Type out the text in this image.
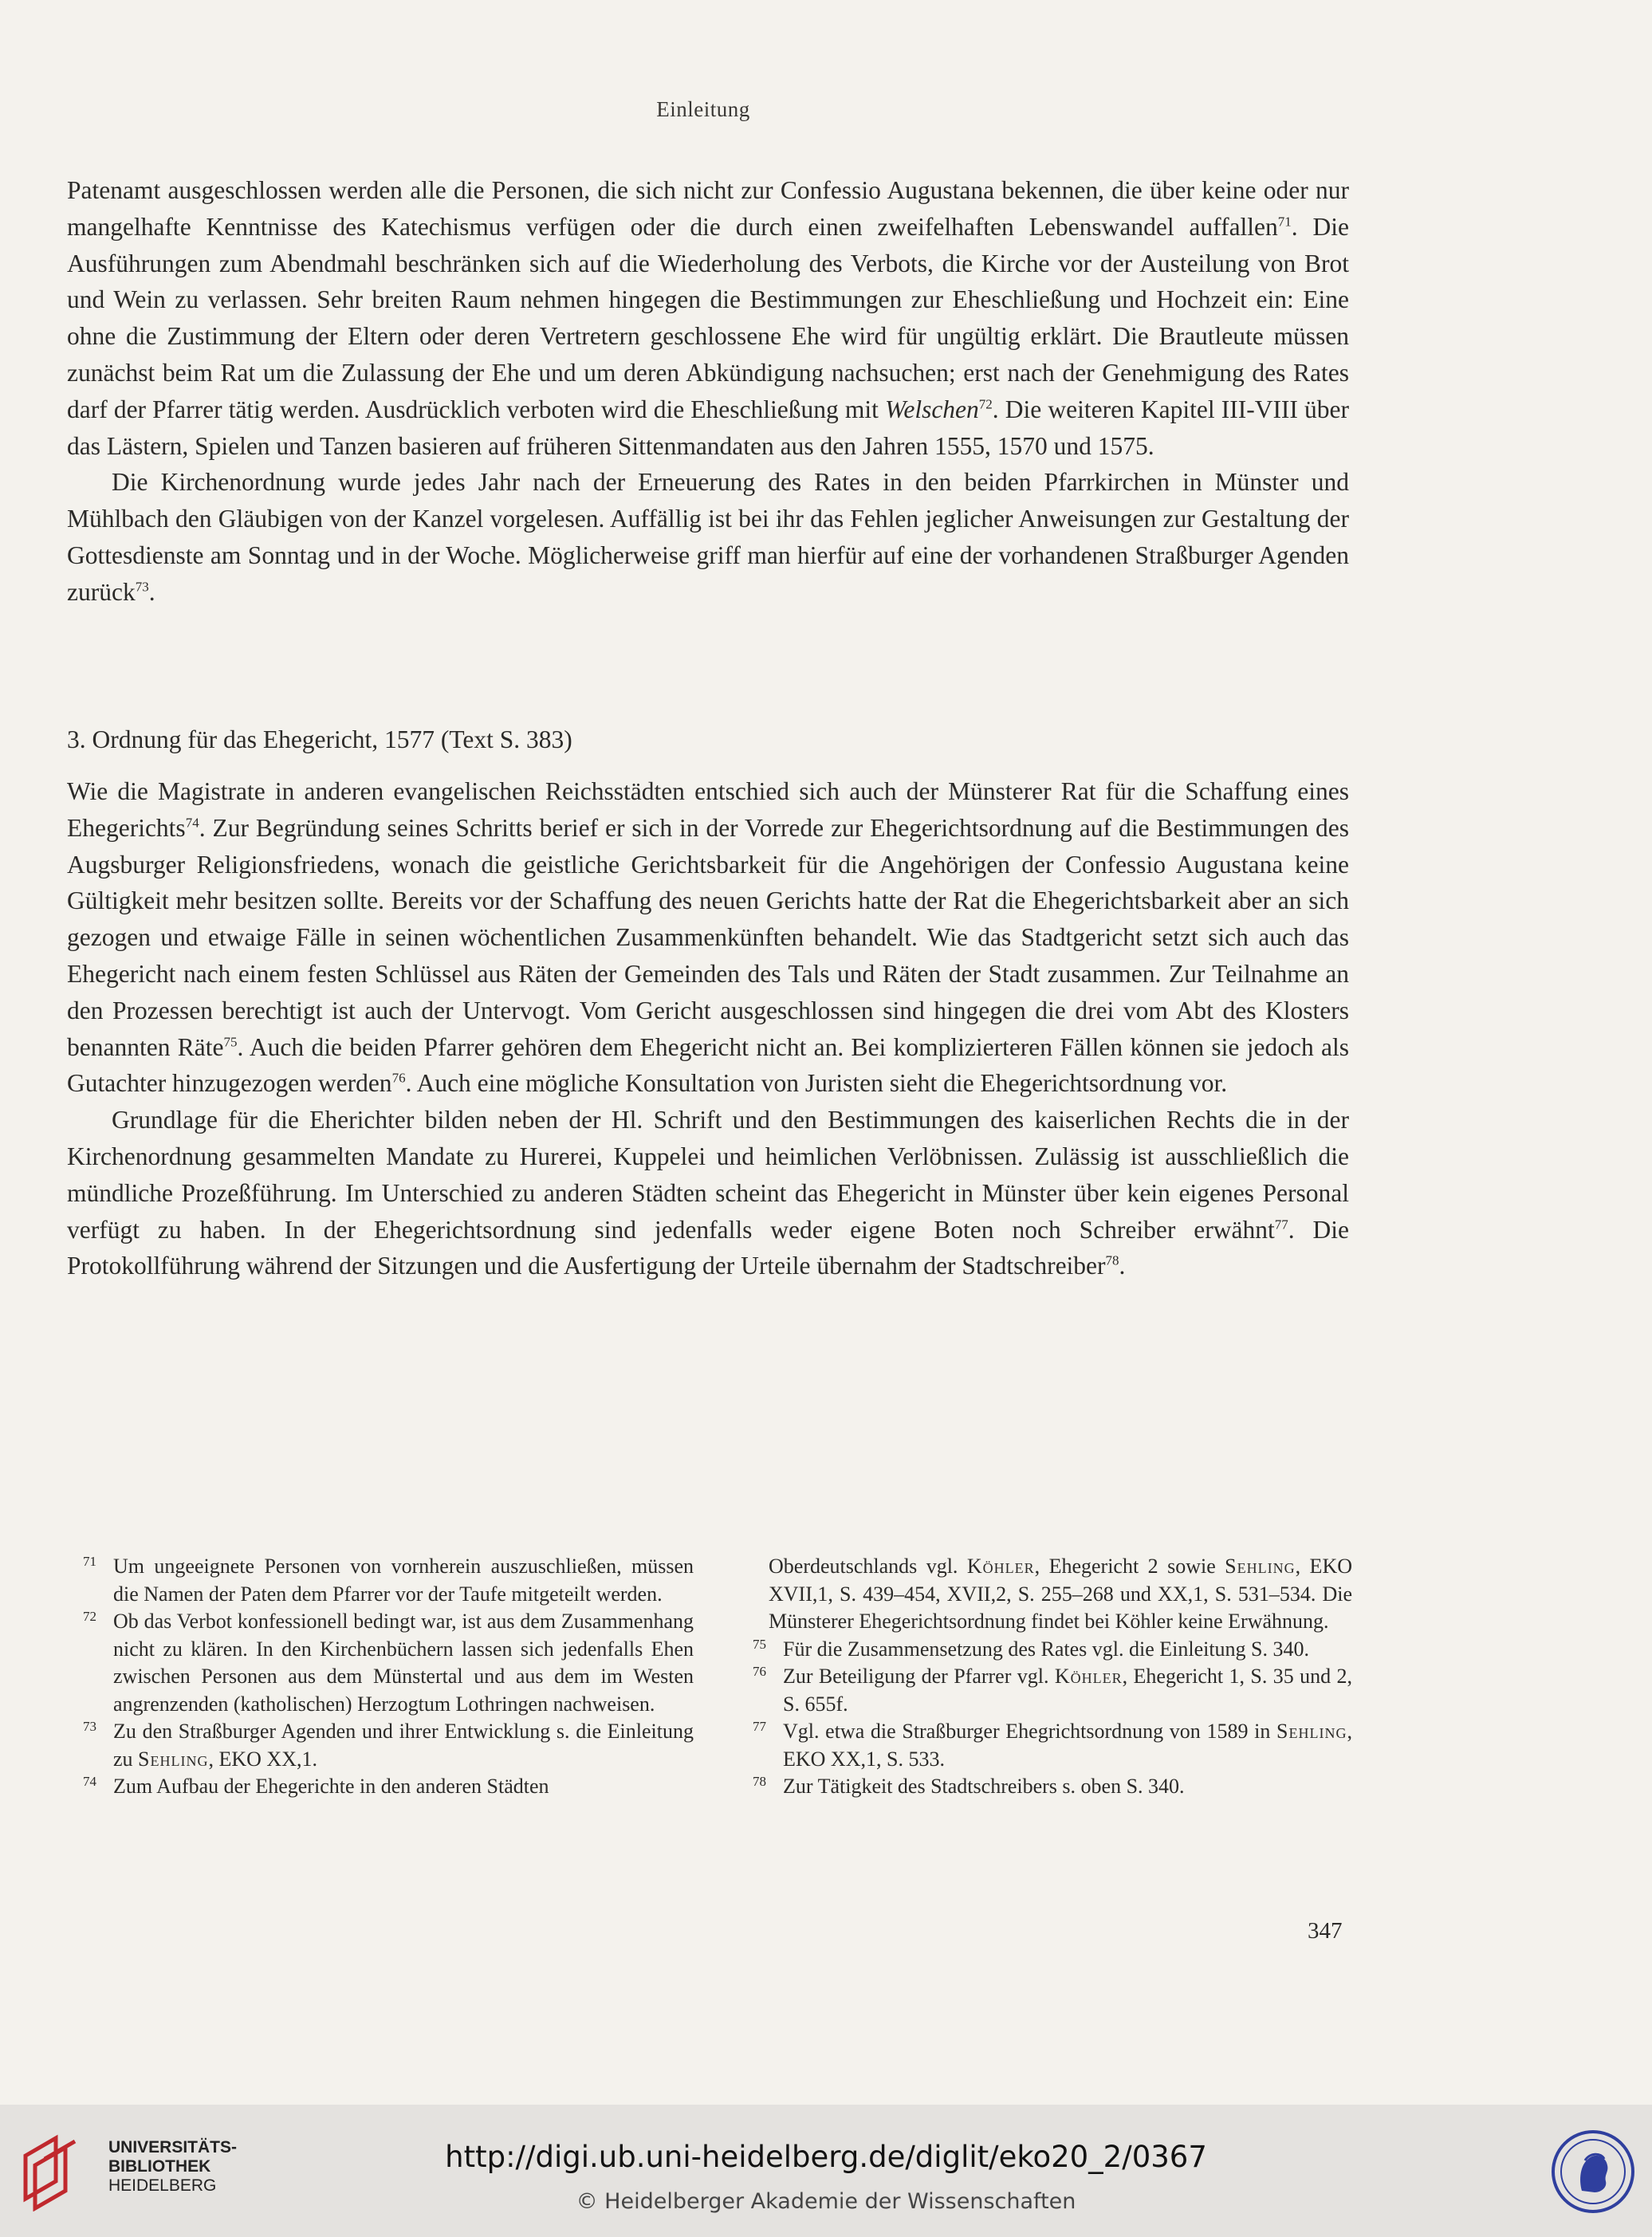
Einleitung

Patenamt ausgeschlossen werden alle die Personen, die sich nicht zur Confessio Augustana bekennen, die über keine oder nur mangelhafte Kenntnisse des Katechismus verfügen oder die durch einen zweifelhaften Lebenswandel auffallen$^{71}$. Die Ausführungen zum Abendmahl beschränken sich auf die Wiederholung des Verbots, die Kirche vor der Austeilung von Brot und Wein zu verlassen. Sehr breiten Raum nehmen hingegen die Bestimmungen zur Eheschließung und Hochzeit ein: Eine ohne die Zustimmung der Eltern oder deren Vertretern geschlossene Ehe wird für ungültig erklärt. Die Brautleute müssen zunächst beim Rat um die Zulassung der Ehe und um deren Abkündigung nachsuchen; erst nach der Genehmigung des Rates darf der Pfarrer tätig werden. Ausdrücklich verboten wird die Eheschließung mit Welschen$^{72}$. Die weiteren Kapitel III-VIII über das Lästern, Spielen und Tanzen basieren auf früheren Sittenmandaten aus den Jahren 1555, 1570 und 1575.

Die Kirchenordnung wurde jedes Jahr nach der Erneuerung des Rates in den beiden Pfarrkirchen in Münster und Mühlbach den Gläubigen von der Kanzel vorgelesen. Auffällig ist bei ihr das Fehlen jeglicher Anweisungen zur Gestaltung der Gottesdienste am Sonntag und in der Woche. Möglicherweise griff man hierfür auf eine der vorhandenen Straßburger Agenden zurück$^{73}$.

3. Ordnung für das Ehegericht, 1577 (Text S. 383)

Wie die Magistrate in anderen evangelischen Reichsstädten entschied sich auch der Münsterer Rat für die Schaffung eines Ehegerichts$^{74}$. Zur Begründung seines Schritts berief er sich in der Vorrede zur Ehegerichtsordnung auf die Bestimmungen des Augsburger Religionsfriedens, wonach die geistliche Gerichtsbarkeit für die Angehörigen der Confessio Augustana keine Gültigkeit mehr besitzen sollte. Bereits vor der Schaffung des neuen Gerichts hatte der Rat die Ehegerichtsbarkeit aber an sich gezogen und etwaige Fälle in seinen wöchentlichen Zusammenkünften behandelt. Wie das Stadtgericht setzt sich auch das Ehegericht nach einem festen Schlüssel aus Räten der Gemeinden des Tals und Räten der Stadt zusammen. Zur Teilnahme an den Prozessen berechtigt ist auch der Untervogt. Vom Gericht ausgeschlossen sind hingegen die drei vom Abt des Klosters benannten Räte$^{75}$. Auch die beiden Pfarrer gehören dem Ehegericht nicht an. Bei komplizierteren Fällen können sie jedoch als Gutachter hinzugezogen werden$^{76}$. Auch eine mögliche Konsultation von Juristen sieht die Ehegerichtsordnung vor.

Grundlage für die Eherichter bilden neben der Hl. Schrift und den Bestimmungen des kaiserlichen Rechts die in der Kirchenordnung gesammelten Mandate zu Hurerei, Kuppelei und heimlichen Verlöbnissen. Zulässig ist ausschließlich die mündliche Prozeßführung. Im Unterschied zu anderen Städten scheint das Ehegericht in Münster über kein eigenes Personal verfügt zu haben. In der Ehegerichtsordnung sind jedenfalls weder eigene Boten noch Schreiber erwähnt$^{77}$. Die Protokollführung während der Sitzungen und die Ausfertigung der Urteile übernahm der Stadtschreiber$^{78}$.

71 Um ungeeignete Personen von vornherein auszuschließen, müssen die Namen der Paten dem Pfarrer vor der Taufe mitgeteilt werden.
72 Ob das Verbot konfessionell bedingt war, ist aus dem Zusammenhang nicht zu klären. In den Kirchenbüchern lassen sich jedenfalls Ehen zwischen Personen aus dem Münstertal und aus dem im Westen angrenzenden (katholischen) Herzogtum Lothringen nachweisen.
73 Zu den Straßburger Agenden und ihrer Entwicklung s. die Einleitung zu Sehling, EKO XX,1.
74 Zum Aufbau der Ehegerichte in den anderen Städten
Oberdeutschlands vgl. Köhler, Ehegericht 2 sowie Sehling, EKO XVII,1, S. 439–454, XVII,2, S. 255–268 und XX,1, S. 531–534. Die Münsterer Ehegerichtsordnung findet bei Köhler keine Erwähnung.
75 Für die Zusammensetzung des Rates vgl. die Einleitung S. 340.
76 Zur Beteiligung der Pfarrer vgl. Köhler, Ehegericht 1, S. 35 und 2, S. 655f.
77 Vgl. etwa die Straßburger Ehegrichtsordnung von 1589 in Sehling, EKO XX,1, S. 533.
78 Zur Tätigkeit des Stadtschreibers s. oben S. 340.
347
UNIVERSITÄTS-
BIBLIOTHEK
HEIDELBERG
http://digi.ub.uni-heidelberg.de/diglit/eko20_2/0367
© Heidelberger Akademie der Wissenschaften
